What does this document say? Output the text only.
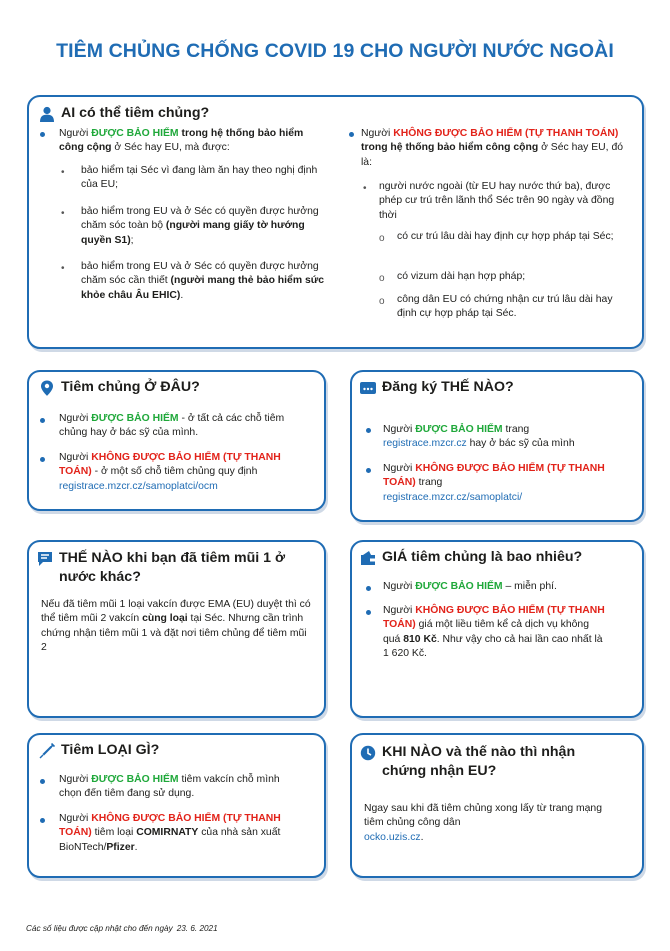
TIÊM CHỦNG CHỐNG COVID 19 CHO NGƯỜI NƯỚC NGOÀI
AI có thể tiêm chủng?
Người ĐƯỢC BẢO HIỂM trong hệ thống bảo hiểm công cộng ở Séc hay EU, mà được:
• bảo hiểm tại Séc vì đang làm ăn hay theo nghị định của EU;
• bảo hiểm trong EU và ở Séc có quyền được hưởng chăm sóc toàn bộ (người mang giấy tờ hướng quyền S1);
• bảo hiểm trong EU và ở Séc có quyền được hưởng chăm sóc cần thiết (người mang thẻ bảo hiểm sức khỏe châu Âu EHIC).
Người KHÔNG ĐƯỢC BẢO HIỂM (TỰ THANH TOÁN) trong hệ thống bảo hiểm công cộng ở Séc hay EU, đó là:
• người nước ngoài (từ EU hay nước thứ ba), được phép cư trú trên lãnh thổ Séc trên 90 ngày và đồng thời
o có cư trú lâu dài hay định cự hợp pháp tại Séc;
o có vizum dài hạn hợp pháp;
o công dân EU có chứng nhận cư trú lâu dài hay định cự hợp pháp tại Séc.
Tiêm chủng Ở ĐÂU?
Người ĐƯỢC BẢO HIỂM - ở tất cả các chỗ tiêm chủng hay ở bác sỹ của mình.
Người KHÔNG ĐƯỢC BẢO HIỂM (TỰ THANH TOÁN) - ở một số chỗ tiêm chủng quy định
registrace.mzcr.cz/samoplatci/ocm
Đăng ký THẾ NÀO?
Người ĐƯỢC BẢO HIỂM trang
registrace.mzcr.cz hay ở bác sỹ của mình
Người KHÔNG ĐƯỢC BẢO HIỂM (TỰ THANH TOÁN) trang
registrace.mzcr.cz/samoplatci/
THẾ NÀO khi bạn đã tiêm mũi 1 ở nước khác?
Nếu đã tiêm mũi 1 loại vakcín được EMA (EU) duyệt thì có thể tiêm mũi 2 vakcín cùng loại tại Séc. Nhưng cần trình chứng nhận tiêm mũi 1 và đặt nơi tiêm chủng để tiêm mũi 2
GIÁ tiêm chủng là bao nhiêu?
Người ĐƯỢC BẢO HIỂM – miễn phí.
Người KHÔNG ĐƯỢC BẢO HIỂM (TỰ THANH TOÁN) giá một liều tiêm kể cả dịch vụ không quá 810 Kč. Như vậy cho cả hai lần cao nhất là 1 620 Kč.
Tiêm LOẠI GÌ?
Người ĐƯỢC BẢO HIỂM tiêm vakcín chỗ mình chọn đến tiêm đang sử dụng.
Người KHÔNG ĐƯỢC BẢO HIỂM (TỰ THANH TOÁN) tiêm loại COMIRNATY của nhà sản xuất BioNTech/Pfizer.
KHI NÀO và thế nào thì nhận chứng nhận EU?
Ngay sau khi đã tiêm chủng xong lấy từ trang mạng tiêm chủng công dân
ocko.uzis.cz.
Các số liệu được cập nhật cho đến ngày 23. 6. 2021
